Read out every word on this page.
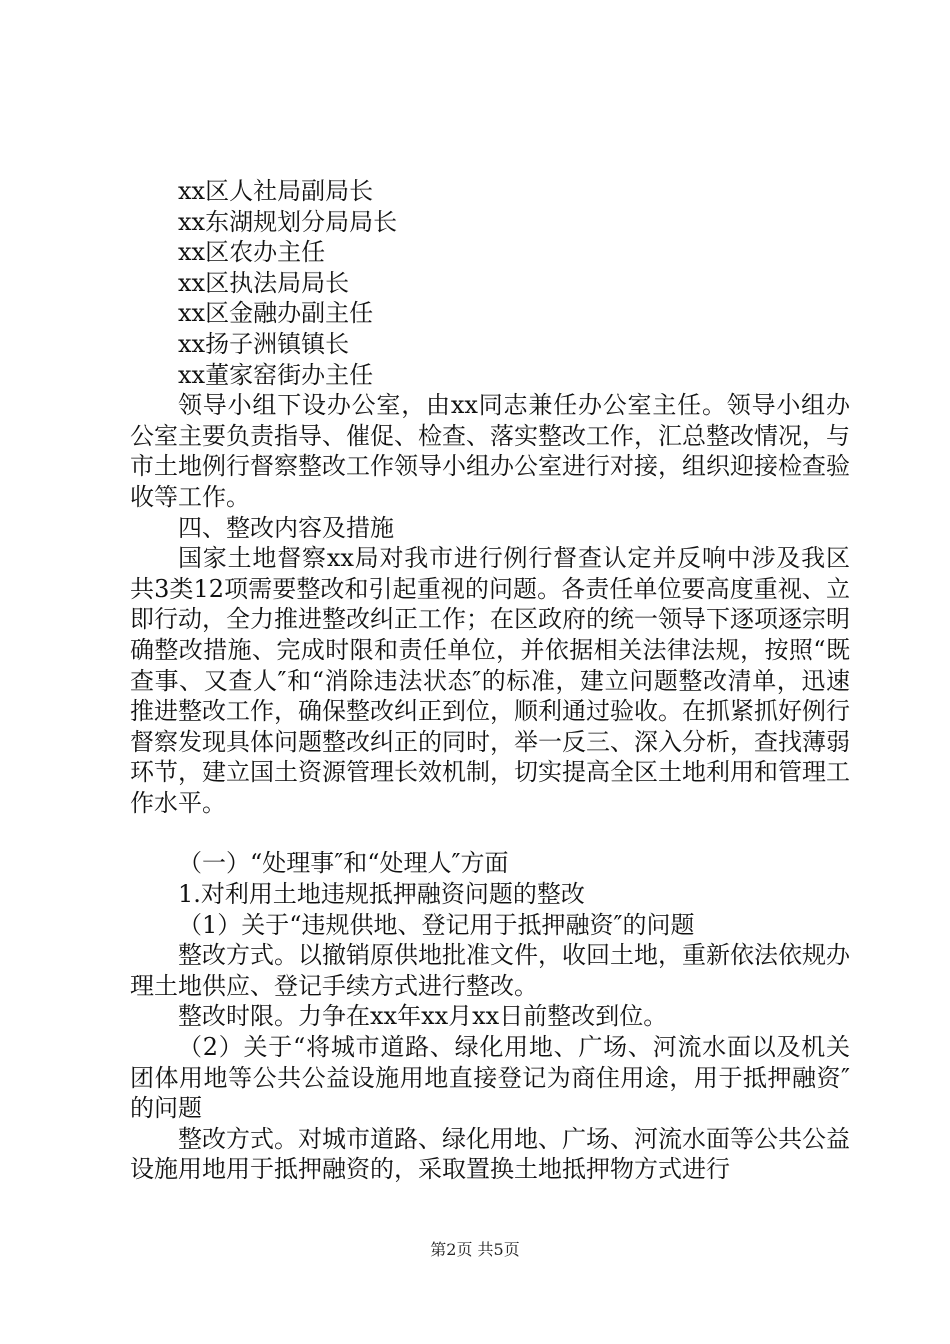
xx区人社局副局长
xx东湖规划分局局长
xx区农办主任
xx区执法局局长
xx区金融办副主任
xx扬子洲镇镇长
xx董家窑街办主任

领导小组下设办公室，由xx同志兼任办公室主任。领导小组办公室主要负责指导、催促、检查、落实整改工作，汇总整改情况，与市土地例行督察整改工作领导小组办公室进行对接，组织迎接检查验收等工作。

四、整改内容及措施

国家土地督察xx局对我市进行例行督查认定并反响中涉及我区共3类12项需要整改和引起重视的问题。各责任单位要高度重视、立即行动，全力推进整改纠正工作；在区政府的统一领导下逐项逐宗明确整改措施、完成时限和责任单位，并依据相关法律法规，按照“既查事、又查人″和“消除违法状态″的标准，建立问题整改清单，迅速推进整改工作，确保整改纠正到位，顺利通过验收。在抓紧抓好例行督察发现具体问题整改纠正的同时，举一反三、深入分析，查找薄弱环节，建立国土资源管理长效机制，切实提高全区土地利用和管理工作水平。

（一）“处理事″和“处理人″方面

1.对利用土地违规抵押融资问题的整改

（1）关于“违规供地、登记用于抵押融资″的问题

整改方式。以撤销原供地批准文件，收回土地，重新依法依规办理土地供应、登记手续方式进行整改。

整改时限。力争在xx年xx月xx日前整改到位。

（2）关于“将城市道路、绿化用地、广场、河流水面以及机关团体用地等公共公益设施用地直接登记为商住用途，用于抵押融资″的问题

整改方式。对城市道路、绿化用地、广场、河流水面等公共公益设施用地用于抵押融资的，采取置换土地抵押物方式进行

第2页 共5页
